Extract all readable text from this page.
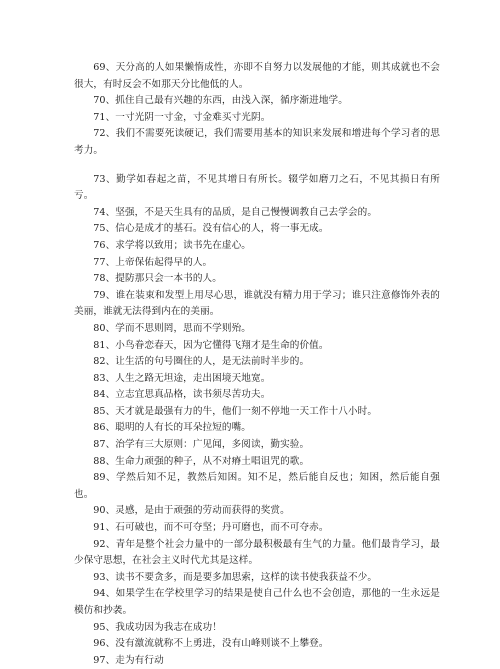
69、天分高的人如果懒惰成性，亦即不自努力以发展他的才能，则其成就也不会很大，有时反会不如那天分比他低的人。

70、抓住自己最有兴趣的东西，由浅入深，循序渐进地学。

71、一寸光阴一寸金，寸金难买寸光阴。

72、我们不需要死读硬记，我们需要用基本的知识来发展和增进每个学习者的思考力。

73、勤学如春起之苗，不见其增日有所长。辍学如磨刀之石，不见其损日有所亏。

74、坚强，不是天生具有的品质，是自己慢慢调教自己去学会的。

75、信心是成才的基石。没有信心的人，将一事无成。

76、求学将以致用；读书先在虚心。

77、上帝保佑起得早的人。

78、提防那只会一本书的人。

79、谁在装束和发型上用尽心思，谁就没有精力用于学习；谁只注意修饰外表的美丽，谁就无法得到内在的美丽。

80、学而不思则罔，思而不学则殆。

81、小鸟眷恋春天，因为它懂得飞翔才是生命的价值。

82、让生活的句号圈住的人，是无法前时半步的。

83、人生之路无坦途，走出困境天地宽。

84、立志宜思真品格，读书须尽苦功夫。

85、天才就是最强有力的牛，他们一刻不停地一天工作十八小时。

86、聪明的人有长的耳朵拉短的嘴。

87、治学有三大原则：广见闻，多阅读，勤实验。

88、生命力顽强的种子，从不对瘠土唱诅咒的歌。

89、学然后知不足，教然后知困。知不足，然后能自反也；知困，然后能自强也。

90、灵感，是由于顽强的劳动而获得的奖赏。

91、石可破也，而不可夺坚；丹可磨也，而不可夺赤。

92、青年是整个社会力量中的一部分最积极最有生气的力量。他们最肯学习，最少保守思想，在社会主义时代尤其是这样。

93、读书不要贪多，而是要多加思索，这样的读书使我获益不少。

94、如果学生在学校里学习的结果是使自己什么也不会创造，那他的一生永远是模仿和抄袭。

95、我成功因为我志在成功！

96、没有激流就称不上勇进，没有山峰则谈不上攀登。

97、走为有行动
